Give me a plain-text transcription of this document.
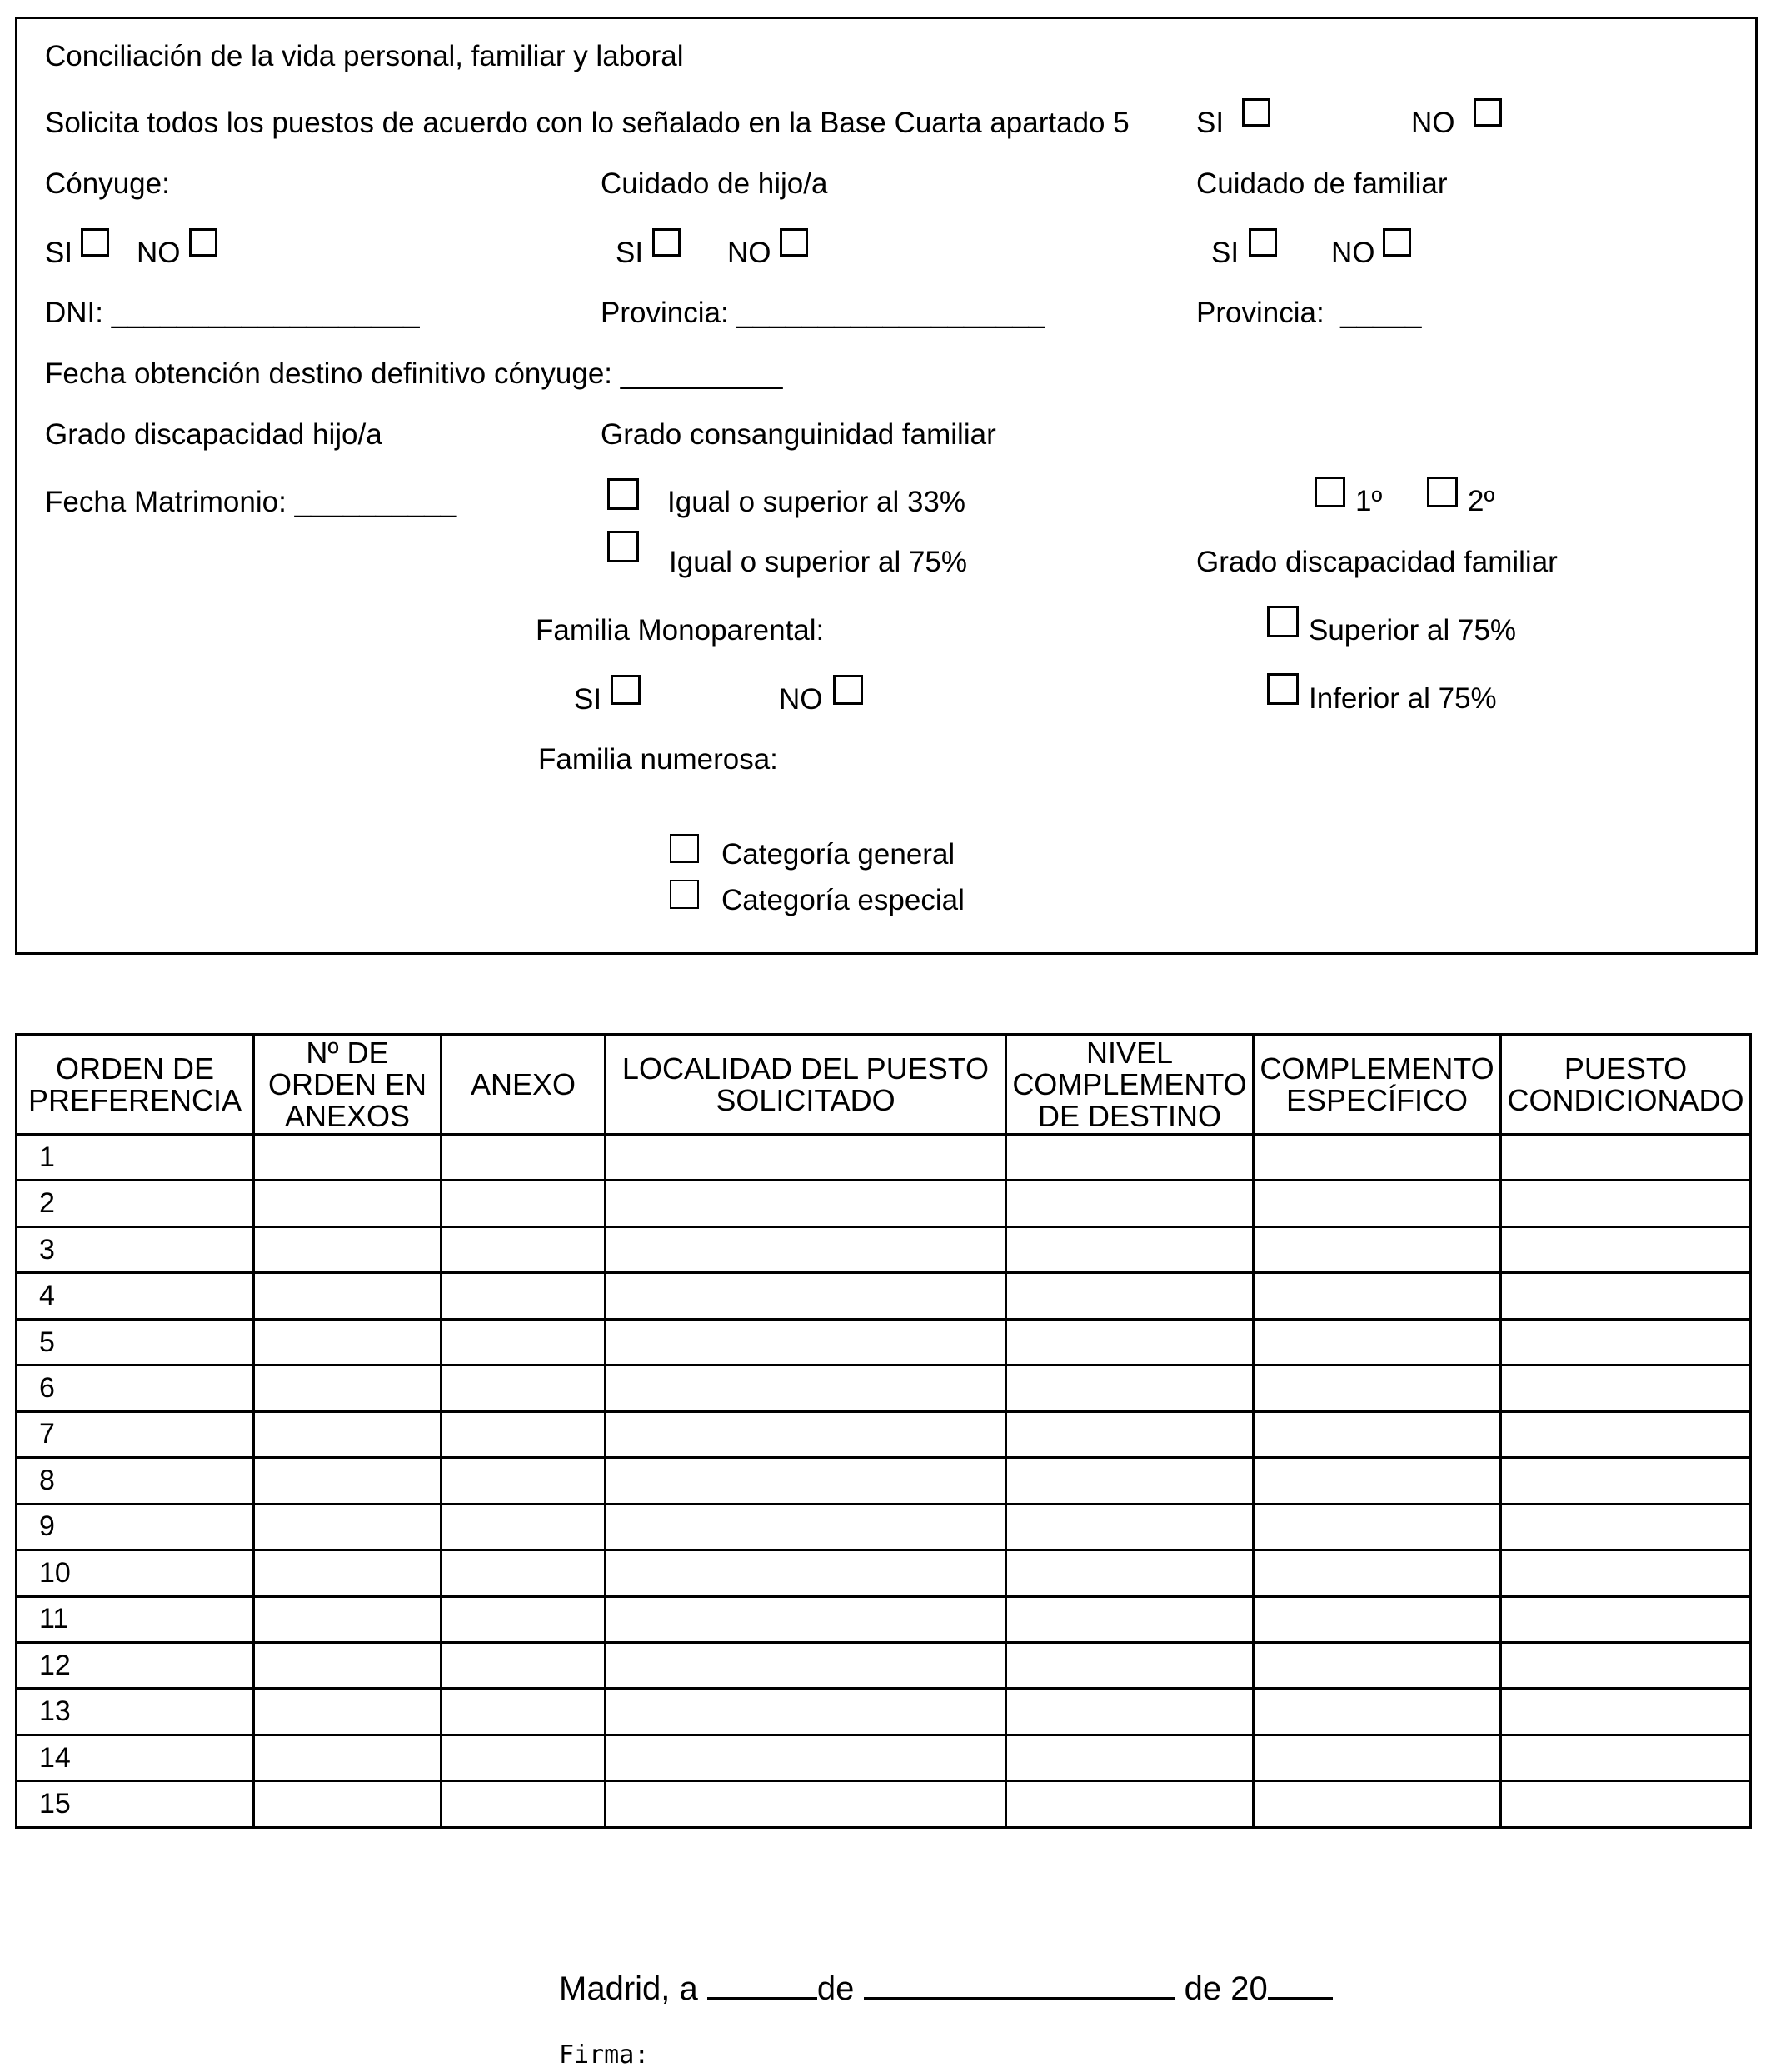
Conciliación de la vida personal, familiar y laboral
Solicita todos los puestos de acuerdo con lo señalado en la Base Cuarta apartado 5 SI	NO
Cónyuge:	Cuidado de hijo/a	Cuidado de familiar
SI NO	SI	NO	SI	NO
DNI: ___________________	Provincia: ___________________	Provincia: _____
Fecha obtención destino definitivo cónyuge: __________
Grado discapacidad hijo/a	Grado consanguinidad familiar
Fecha Matrimonio: __________	Igual o superior al 33%
Igual o superior al 75%
1º	2º
Grado discapacidad familiar
Familia Monoparental:	Superior al 75%
SI	NO	Inferior al 75%
Familia numerosa:
Categoría general
Categoría especial
ORDEN DE PREFERENCIA	Nº DE ORDEN EN ANEXOS	ANEXO	LOCALIDAD DEL PUESTO SOLICITADO	NIVEL COMPLEMENTO DE DESTINO	COMPLEMENTO ESPECÍFICO	PUESTO CONDICIONADO
1						
2						
3						
4						
5						
6						
7						
8						
9						
10						
11						
12						
13						
14						
15						
Madrid, a	de	de 20
Firma:
